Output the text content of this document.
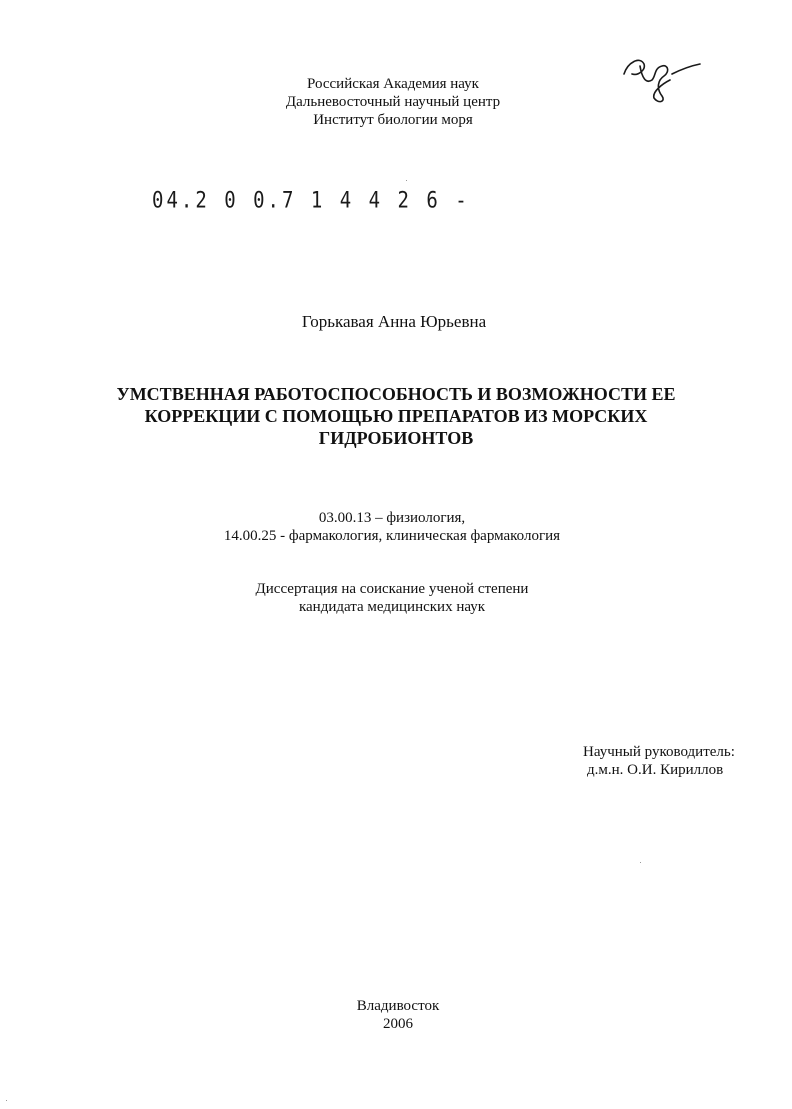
Российская Академия наук
Дальневосточный научный центр
Институт биологии моря
04.2 0 0.7 1 4 4 2 6 -
Горькавая Анна Юрьевна
УМСТВЕННАЯ РАБОТОСПОСОБНОСТЬ И ВОЗМОЖНОСТИ ЕЕ
КОРРЕКЦИИ С ПОМОЩЬЮ ПРЕПАРАТОВ ИЗ МОРСКИХ
ГИДРОБИОНТОВ
03.00.13 – физиология,
14.00.25 - фармакология, клиническая фармакология
Диссертация на соискание ученой степени
кандидата медицинских наук
Научный руководитель:
д.м.н. О.И. Кириллов
Владивосток
2006
